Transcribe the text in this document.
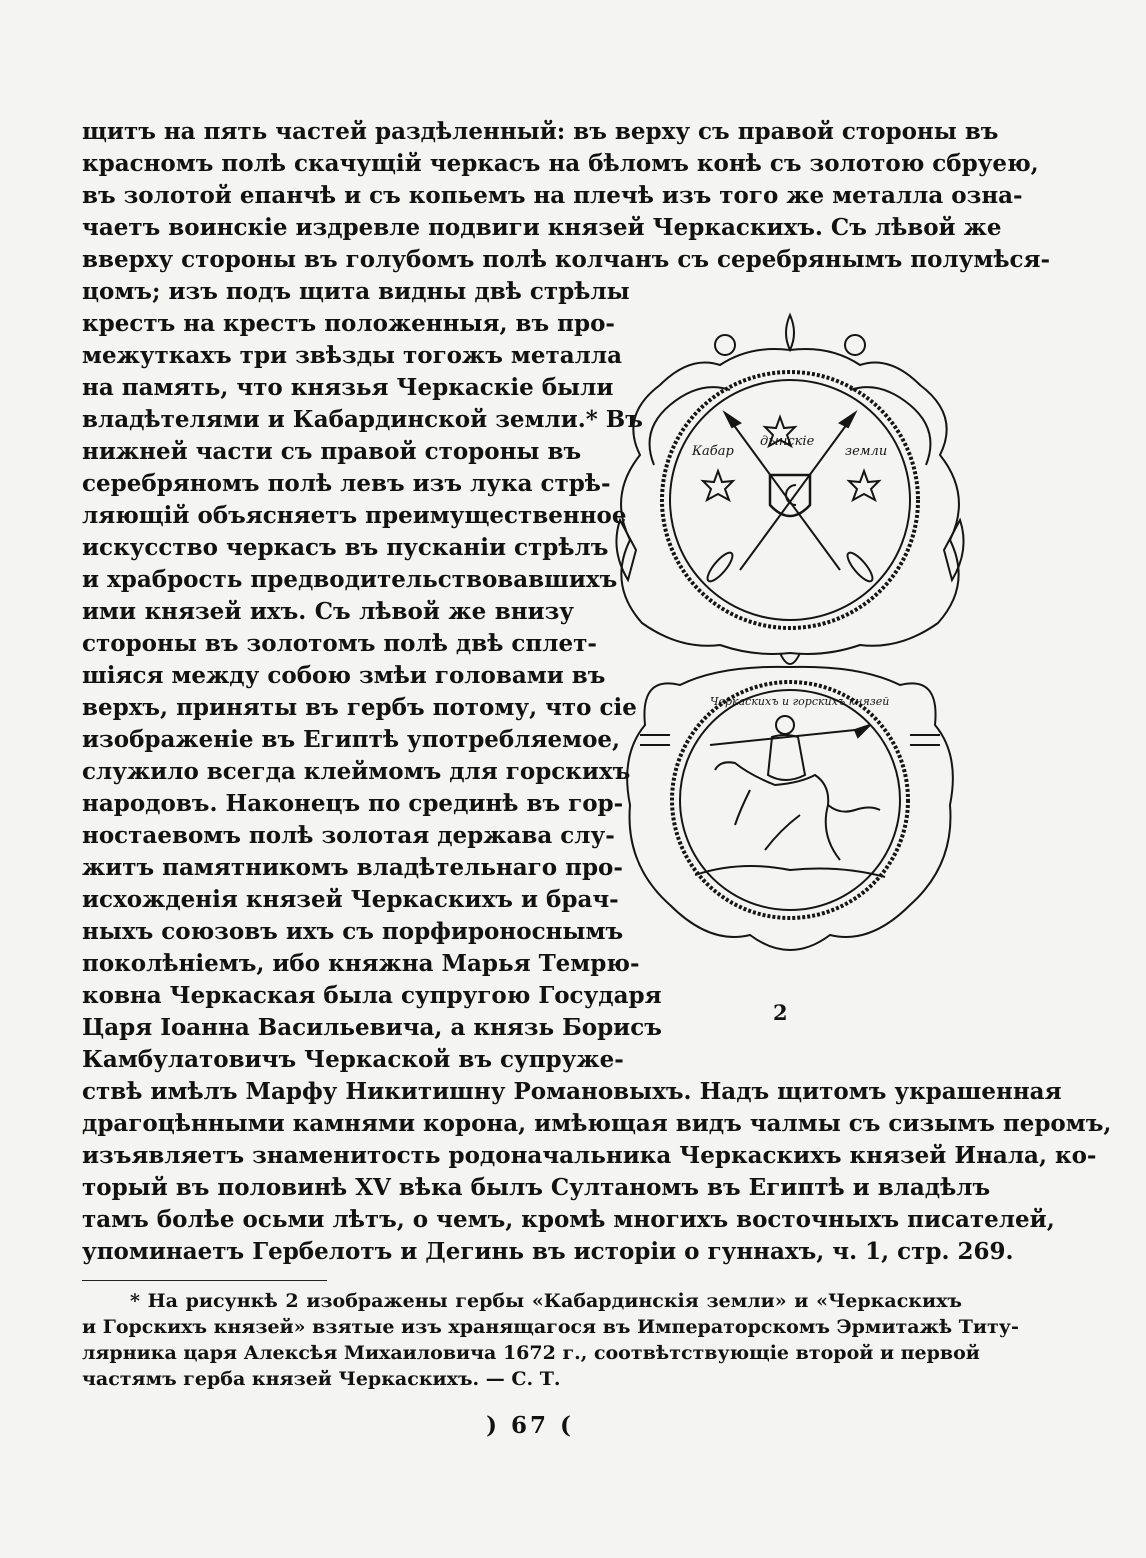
щитъ на пять частей раздѣленный: въ верху съ правой стороны въ
красномъ полѣ скачущій черкасъ на бѣломъ конѣ съ золотою сбруею,
въ золотой епанчѣ и съ копьемъ на плечѣ изъ того же металла озна-
чаетъ воинскіе издревле подвиги князей Черкаскихъ. Съ лѣвой же
вверху стороны въ голубомъ полѣ колчанъ съ серебрянымъ полумѣся-
цомъ; изъ подъ щита видны двѣ стрѣлы
крестъ на крестъ положенныя, въ про-
межуткахъ три звѣзды тогожъ металла
на память, что князья Черкаскіе были
владѣтелями и Кабардинской земли.* Въ
нижней части съ правой стороны въ
серебряномъ полѣ левъ изъ лука стрѣ-
ляющій объясняетъ преимущественное
искусство черкасъ въ пусканіи стрѣлъ
и храбрость предводительствовавшихъ
ими князей ихъ. Съ лѣвой же внизу
стороны въ золотомъ полѣ двѣ сплет-
шіяся между собою змѣи головами въ
верхъ, приняты въ гербъ потому, что сіе
изображеніе въ Египтѣ употребляемое,
служило всегда клеймомъ для горскихъ
народовъ. Наконецъ по срединѣ въ гор-
ностаевомъ полѣ золотая держава слу-
житъ памятникомъ владѣтельнаго про-
исхожденія князей Черкаскихъ и брач-
ныхъ союзовъ ихъ съ порфироноснымъ
поколѣніемъ, ибо княжна Марья Темрю-
ковна Черкаская была супругою Государя
Царя Іоанна Васильевича, а князь Борисъ
Камбулатовичъ Черкаской въ супруже-
ствѣ имѣлъ Марфу Никитишну Романовыхъ. Надъ щитомъ украшенная
драгоцѣнными камнями корона, имѣющая видъ чалмы съ сизымъ перомъ,
изъявляетъ знаменитость родоначальника Черкаскихъ князей Инала, ко-
торый въ половинѣ XV вѣка былъ Султаномъ въ Египтѣ и владѣлъ
тамъ болѣе осьми лѣтъ, о чемъ, кромѣ многихъ восточныхъ писателей,
упоминаетъ Гербелотъ и Дегинь въ исторіи о гуннахъ, ч. 1, стр. 269.
Кабар
дынскіе
земли
Черкаскихъ и горскихъ князей
2
* На рисункѣ 2 изображены гербы «Кабардинскія земли» и «Черкаскихъ
и Горскихъ князей» взятые изъ хранящагося въ Императорскомъ Эрмитажѣ Титу-
лярника царя Алексѣя Михаиловича 1672 г., соотвѣтствующіе второй и первой
частямъ герба князей Черкаскихъ. — С. Т.
) 67 (
